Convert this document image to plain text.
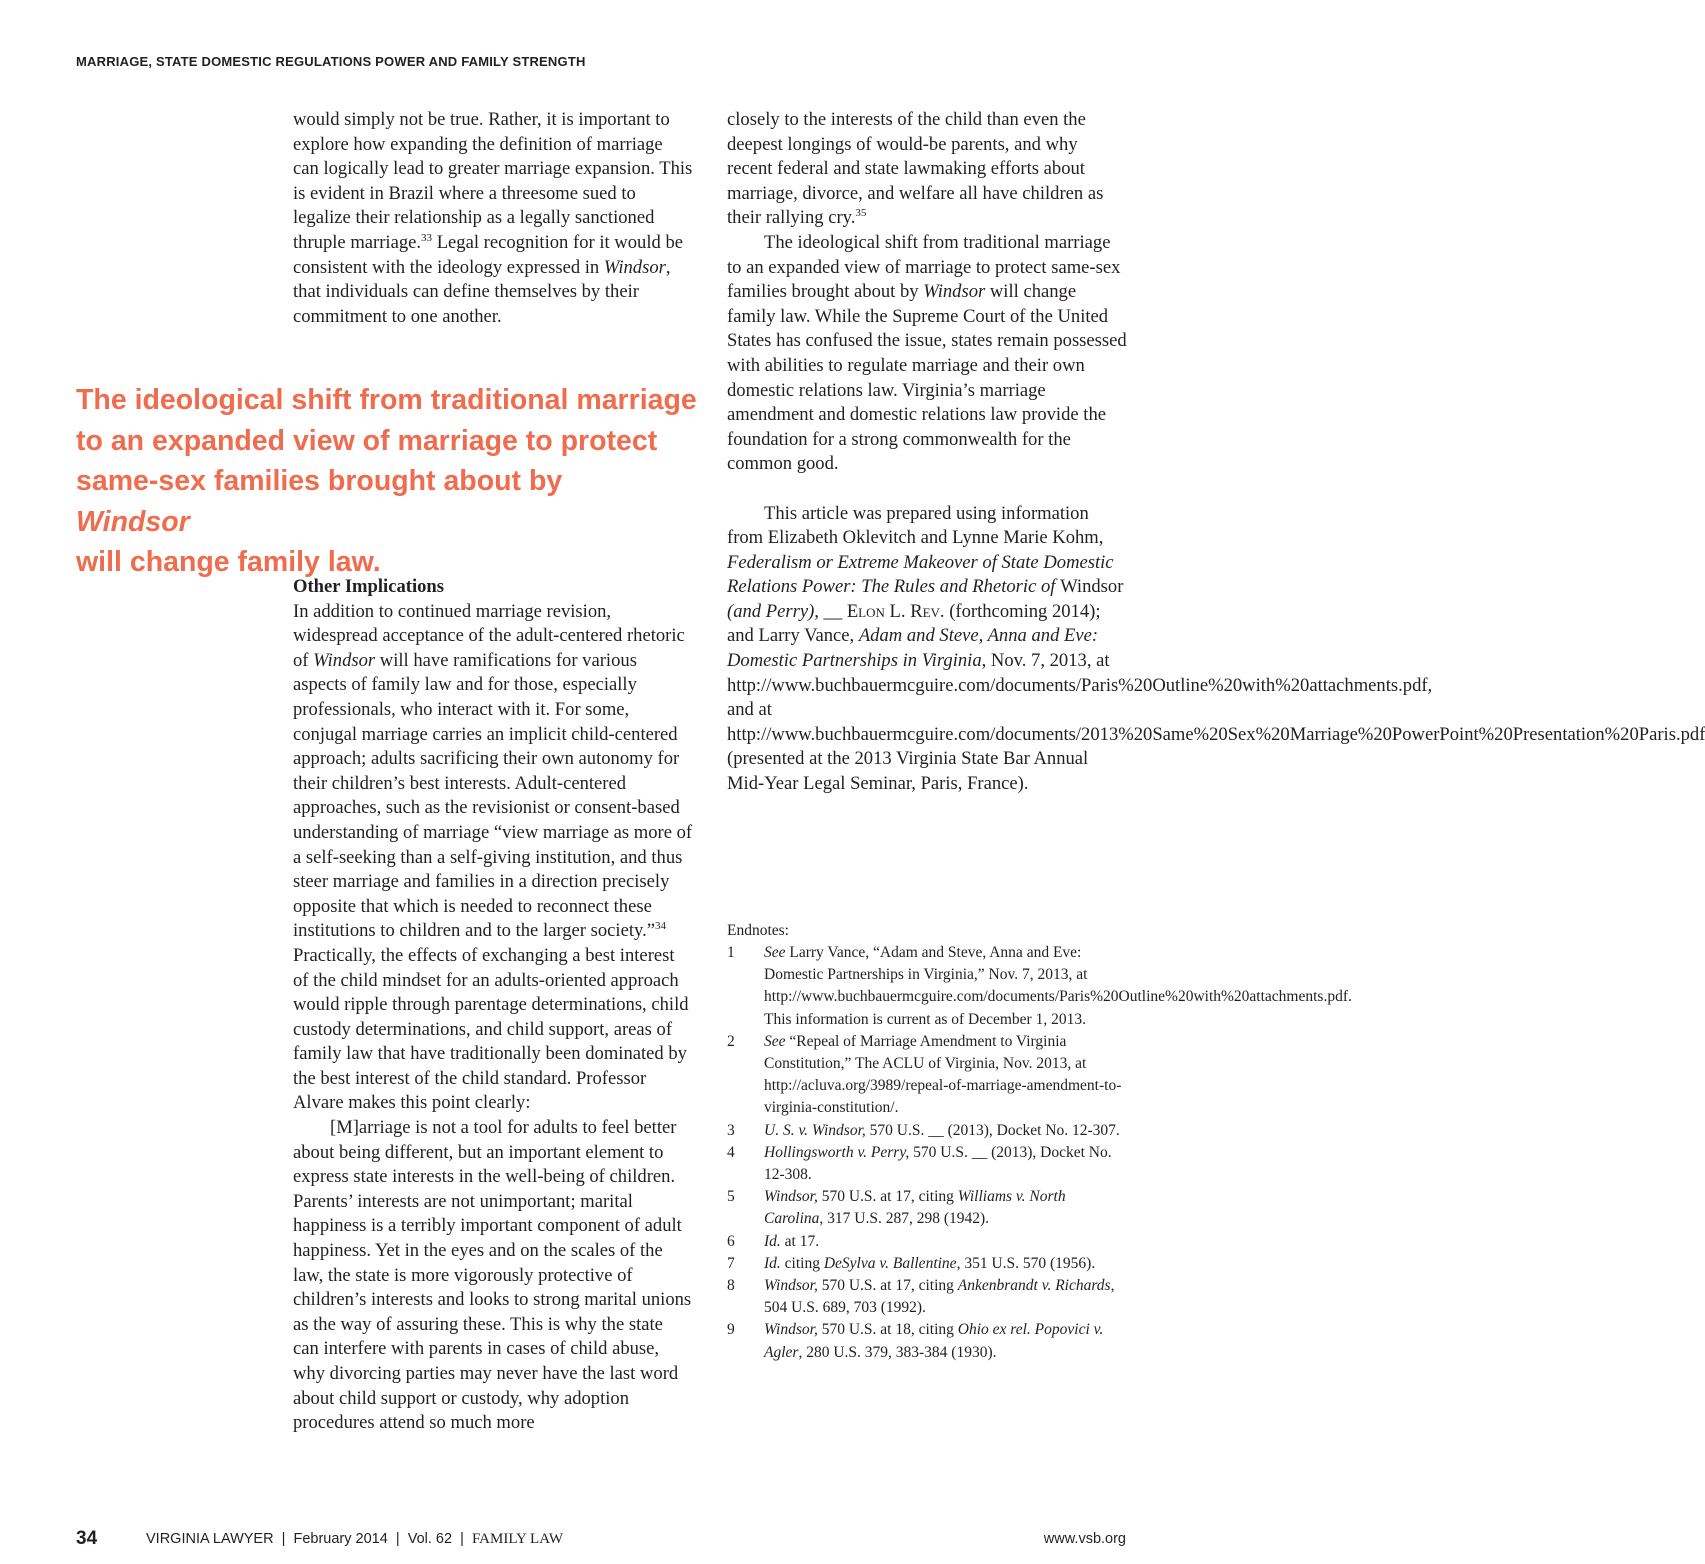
MARRIAGE, STATE DOMESTIC REGULATIONS POWER AND FAMILY STRENGTH

would simply not be true. Rather, it is important to explore how expanding the definition of marriage can logically lead to greater marriage expansion. This is evident in Brazil where a threesome sued to legalize their relationship as a legally sanctioned thruple marriage.$^{33}$ Legal recognition for it would be consistent with the ideology expressed in Windsor, that individuals can define themselves by their commitment to one another.

The ideological shift from traditional marriage
to an expanded view of marriage to protect
same-sex families brought about by
Windsor
will change family law.

Other Implications

In addition to continued marriage revision, widespread acceptance of the adult-centered rhetoric of Windsor will have ramifications for various aspects of family law and for those, especially professionals, who interact with it. For some, conjugal marriage carries an implicit child-centered approach; adults sacrificing their own autonomy for their children’s best interests. Adult-centered approaches, such as the revisionist or consent-based understanding of marriage “view marriage as more of a self-seeking than a self-giving institution, and thus steer marriage and families in a direction precisely opposite that which is needed to reconnect these institutions to children and to the larger society.”$^{34}$ Practically, the effects of exchanging a best interest of the child mindset for an adults-oriented approach would ripple through parentage determinations, child custody determinations, and child support, areas of family law that have traditionally been dominated by the best interest of the child standard. Professor Alvare makes this point clearly:

[M]arriage is not a tool for adults to feel better about being different, but an important element to express state interests in the well-being of children. Parents’ interests are not unimportant; marital happiness is a terribly important component of adult happiness. Yet in the eyes and on the scales of the law, the state is more vigorously protective of children’s interests and looks to strong marital unions as the way of assuring these. This is why the state can interfere with parents in cases of child abuse, why divorcing parties may never have the last word about child support or custody, why adoption procedures attend so much more

closely to the interests of the child than even the deepest longings of would-be parents, and why recent federal and state lawmaking efforts about marriage, divorce, and welfare all have children as their rallying cry.$^{35}$

The ideological shift from traditional marriage to an expanded view of marriage to protect same-sex families brought about by Windsor will change family law. While the Supreme Court of the United States has confused the issue, states remain possessed with abilities to regulate marriage and their own domestic relations law. Virginia’s marriage amendment and domestic relations law provide the foundation for a strong commonwealth for the common good.

This article was prepared using information from Elizabeth Oklevitch and Lynne Marie Kohm, Federalism or Extreme Makeover of State Domestic Relations Power: The Rules and Rhetoric of Windsor (and Perry), __ Elon L. Rev. (forthcoming 2014); and Larry Vance, Adam and Steve, Anna and Eve: Domestic Partnerships in Virginia, Nov. 7, 2013, at http://www.buchbauermcguire.com/documents/Paris%20Outline%20with%20attachments.pdf, and at http://www.buchbauermcguire.com/documents/2013%20Same%20Sex%20Marriage%20PowerPoint%20Presentation%20Paris.pdf (presented at the 2013 Virginia State Bar Annual Mid-Year Legal Seminar, Paris, France).

Endnotes:
1 See Larry Vance, “Adam and Steve, Anna and Eve: Domestic Partnerships in Virginia,” Nov. 7, 2013, at http://www.buchbauermcguire.com/documents/Paris%20Outline%20with%20attachments.pdf. This information is current as of December 1, 2013.
2 See “Repeal of Marriage Amendment to Virginia Constitution,” The ACLU of Virginia, Nov. 2013, at http://acluva.org/3989/repeal-of-marriage-amendment-to-virginia-constitution/.
3 U. S. v. Windsor, 570 U.S. __ (2013), Docket No. 12-307.
4 Hollingsworth v. Perry, 570 U.S. __ (2013), Docket No. 12-308.
5 Windsor, 570 U.S. at 17, citing Williams v. North Carolina, 317 U.S. 287, 298 (1942).
6 Id. at 17.
7 Id. citing DeSylva v. Ballentine, 351 U.S. 570 (1956).
8 Windsor, 570 U.S. at 17, citing Ankenbrandt v. Richards, 504 U.S. 689, 703 (1992).
9 Windsor, 570 U.S. at 18, citing Ohio ex rel. Popovici v. Agler, 280 U.S. 379, 383-384 (1930).
34	VIRGINIA LAWYER | February 2014 | Vol. 62 | FAMILY LAW	www.vsb.org
